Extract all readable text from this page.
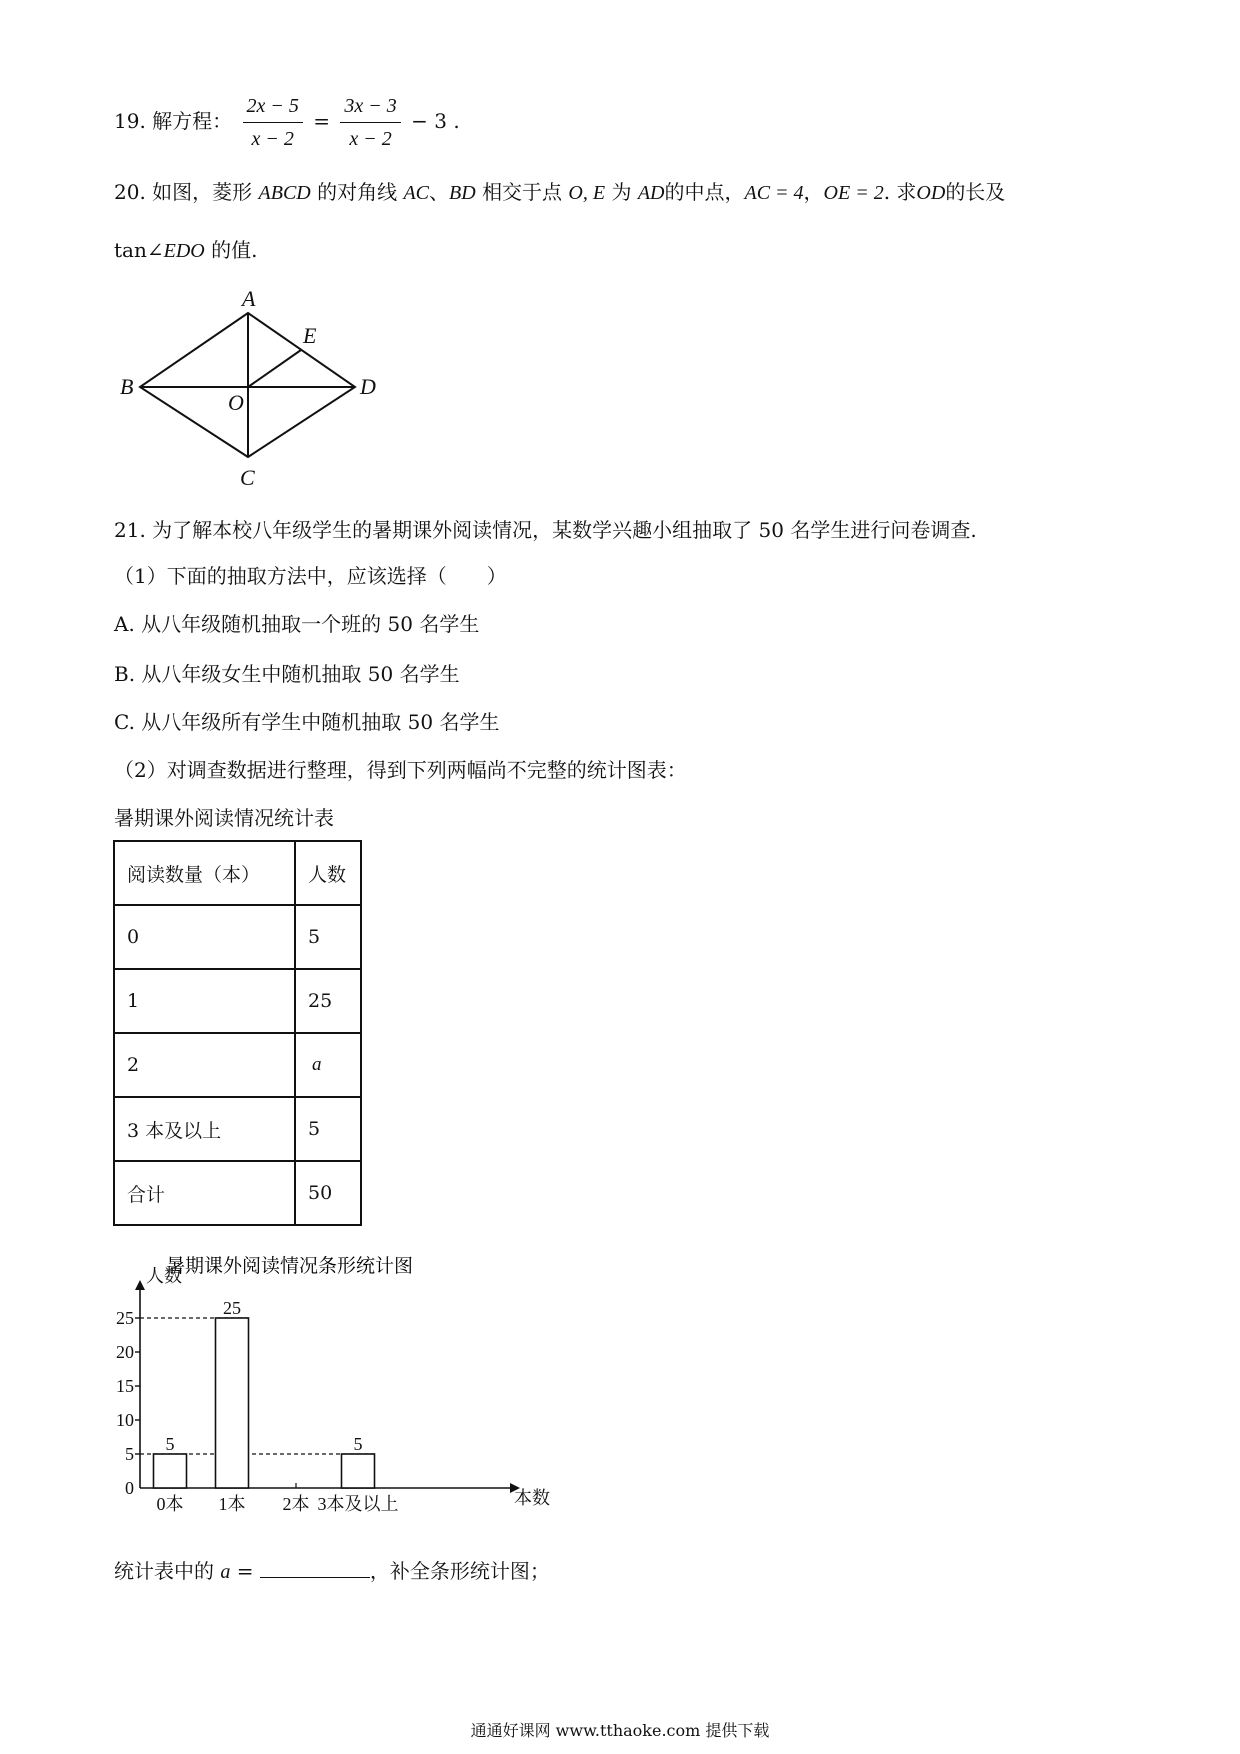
19. 解方程： $\frac{2x - 5}{x - 2} = \frac{3x - 3}{x - 2} - 3$ .
20. 如图，菱形 ABCD 的对角线 AC、BD 相交于点 O, E 为 AD的中点，AC = 4，OE = 2. 求OD的长及
tan∠EDO 的值.
A
B
C
D
E
O
21. 为了解本校八年级学生的暑期课外阅读情况，某数学兴趣小组抽取了 50 名学生进行问卷调查.
（1）下面的抽取方法中，应该选择（　　）
A. 从八年级随机抽取一个班的 50 名学生
B. 从八年级女生中随机抽取 50 名学生
C. 从八年级所有学生中随机抽取 50 名学生
（2）对调查数据进行整理，得到下列两幅尚不完整的统计图表：
暑期课外阅读情况统计表
阅读数量（本）	人数
0	5
1	25
2	a
3 本及以上	5
合计	50
暑期课外阅读情况条形统计图
人数
本数
0
5
10
15
20
25
0本
5
1本
25
2本 3本及以上
5
统计表中的 a =	，补全条形统计图；
通通好课网 www.tthaoke.com 提供下载
